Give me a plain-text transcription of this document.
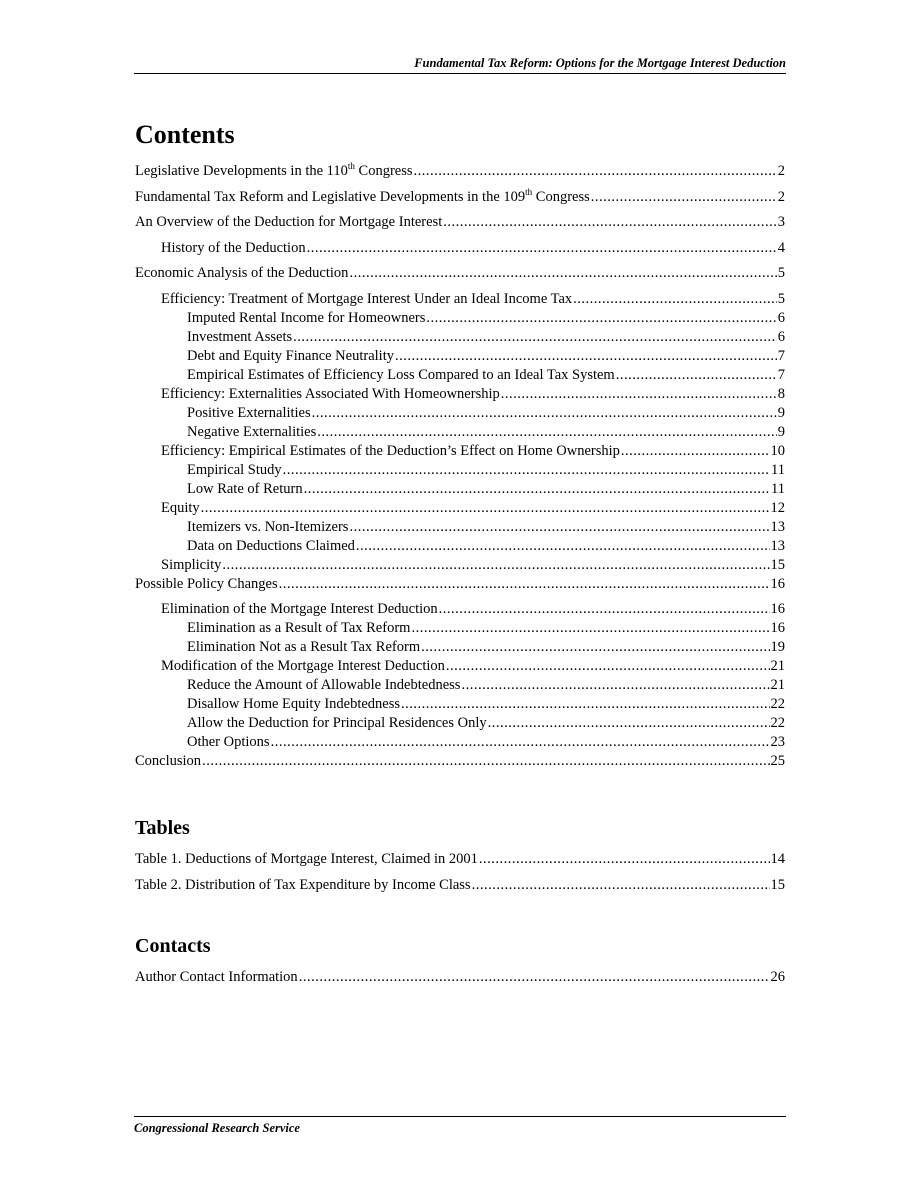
Fundamental Tax Reform: Options for the Mortgage Interest Deduction
Contents
Legislative Developments in the 110th Congress .....	2
Fundamental Tax Reform and Legislative Developments in the 109th Congress .....	2
An Overview of the Deduction for Mortgage Interest .....	3
History of the Deduction .....	4
Economic Analysis of the Deduction .....	5
Efficiency: Treatment of Mortgage Interest Under an Ideal Income Tax .....	5
Imputed Rental Income for Homeowners .....	6
Investment Assets .....	6
Debt and Equity Finance Neutrality .....	7
Empirical Estimates of Efficiency Loss Compared to an Ideal Tax System .....	7
Efficiency: Externalities Associated With Homeownership .....	8
Positive Externalities .....	9
Negative Externalities .....	9
Efficiency: Empirical Estimates of the Deduction’s Effect on Home Ownership .....	10
Empirical Study .....	11
Low Rate of Return .....	11
Equity .....	12
Itemizers vs. Non-Itemizers .....	13
Data on Deductions Claimed .....	13
Simplicity .....	15
Possible Policy Changes .....	16
Elimination of the Mortgage Interest Deduction .....	16
Elimination as a Result of Tax Reform .....	16
Elimination Not as a Result Tax Reform .....	19
Modification of the Mortgage Interest Deduction .....	21
Reduce the Amount of Allowable Indebtedness .....	21
Disallow Home Equity Indebtedness .....	22
Allow the Deduction for Principal Residences Only .....	22
Other Options .....	23
Conclusion .....	25
Tables
Table 1. Deductions of Mortgage Interest, Claimed in 2001 .....	14
Table 2. Distribution of Tax Expenditure by Income Class .....	15
Contacts
Author Contact Information .....	26
Congressional Research Service
